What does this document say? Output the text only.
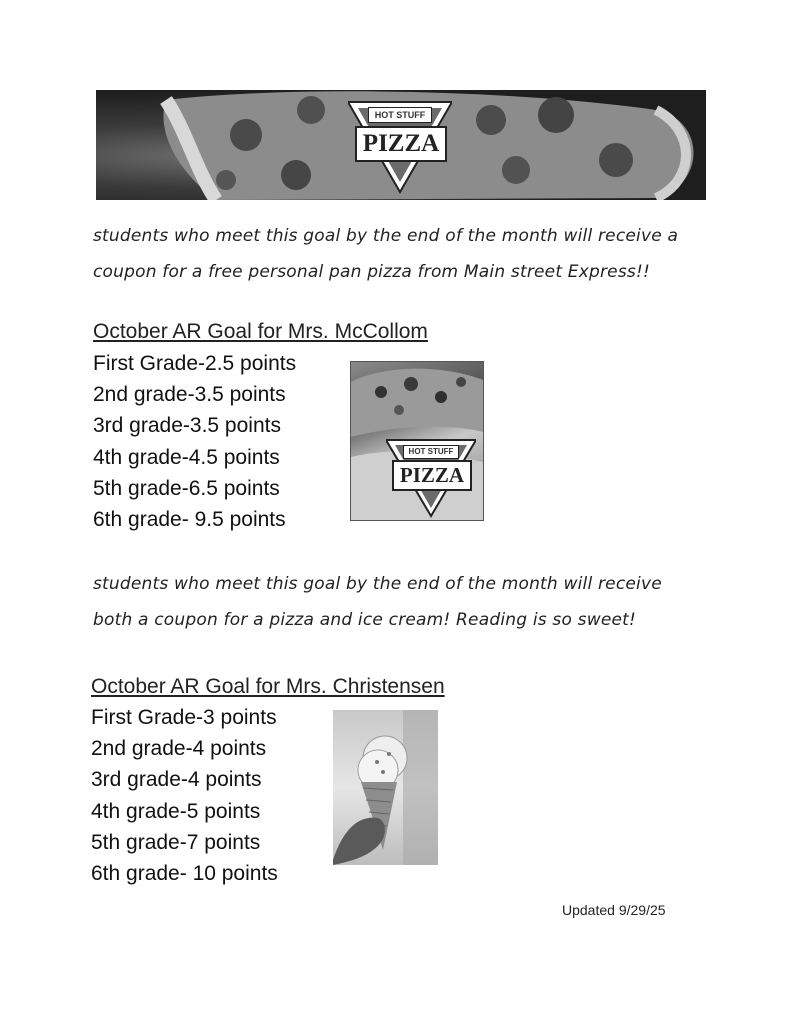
HOT STUFF
PIZZA
students who meet this goal by the end of the month will receive a
coupon for a free personal pan pizza from Main street Express!!
October AR Goal for Mrs. McCollom
First Grade-2.5 points
2nd grade-3.5 points
3rd grade-3.5 points
4th grade-4.5 points
5th grade-6.5 points
6th grade- 9.5 points
HOT STUFF
PIZZA
students who meet this goal by the end of the month will receive
both a coupon for a pizza and ice cream! Reading is so sweet!
October AR Goal for Mrs. Christensen
First Grade-3 points
2nd grade-4 points
3rd grade-4 points
4th grade-5 points
5th grade-7 points
6th grade- 10 points
Updated 9/29/25
